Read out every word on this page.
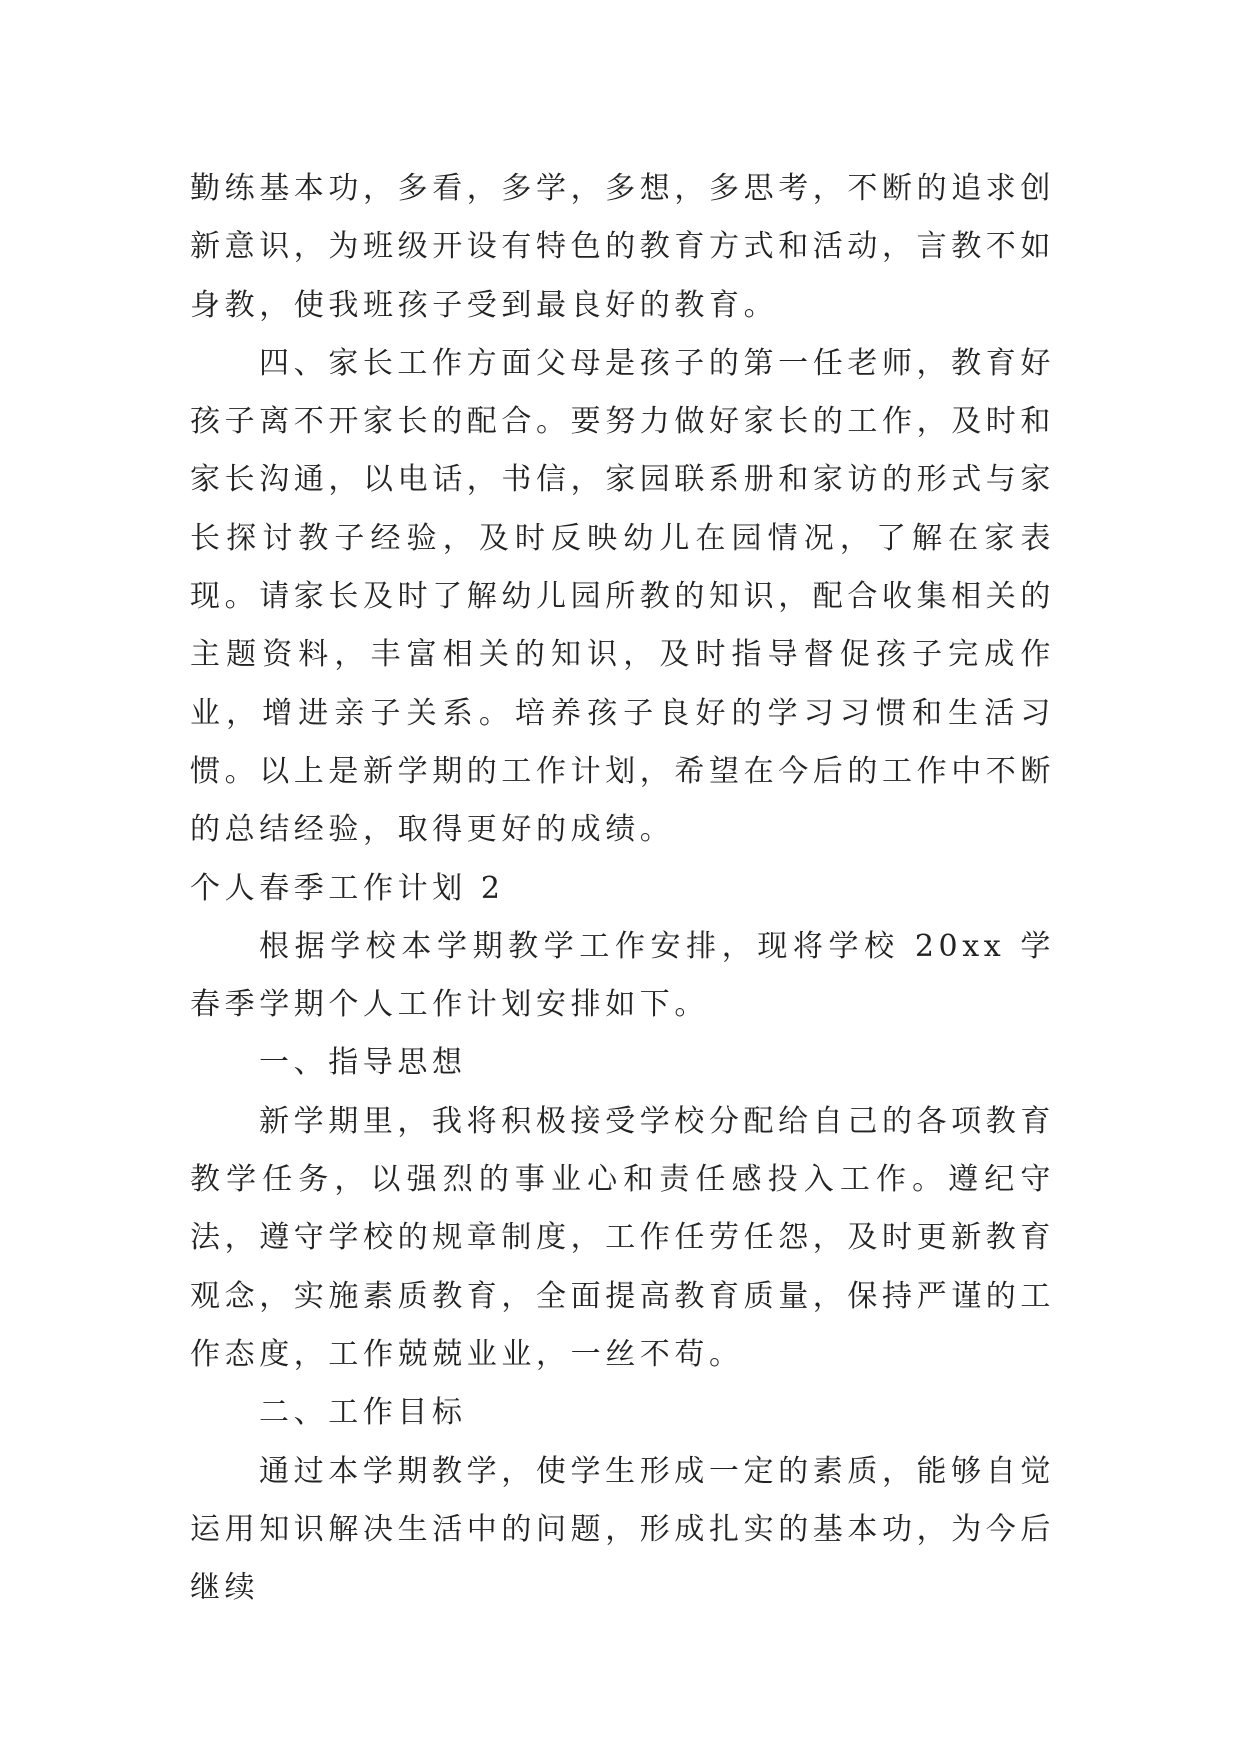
勤练基本功，多看，多学，多想，多思考，不断的追求创新意识，为班级开设有特色的教育方式和活动，言教不如身教，使我班孩子受到最良好的教育。

四、家长工作方面父母是孩子的第一任老师，教育好孩子离不开家长的配合。要努力做好家长的工作，及时和家长沟通，以电话，书信，家园联系册和家访的形式与家长探讨教子经验，及时反映幼儿在园情况，了解在家表现。请家长及时了解幼儿园所教的知识，配合收集相关的主题资料，丰富相关的知识，及时指导督促孩子完成作业，增进亲子关系。培养孩子良好的学习习惯和生活习惯。以上是新学期的工作计划，希望在今后的工作中不断的总结经验，取得更好的成绩。

个人春季工作计划 2

根据学校本学期教学工作安排，现将学校 20xx 学春季学期个人工作计划安排如下。

一、指导思想

新学期里，我将积极接受学校分配给自己的各项教育教学任务，以强烈的事业心和责任感投入工作。遵纪守法，遵守学校的规章制度，工作任劳任怨，及时更新教育观念，实施素质教育，全面提高教育质量，保持严谨的工作态度，工作兢兢业业，一丝不苟。

二、工作目标

通过本学期教学，使学生形成一定的素质，能够自觉运用知识解决生活中的问题，形成扎实的基本功，为今后继续
